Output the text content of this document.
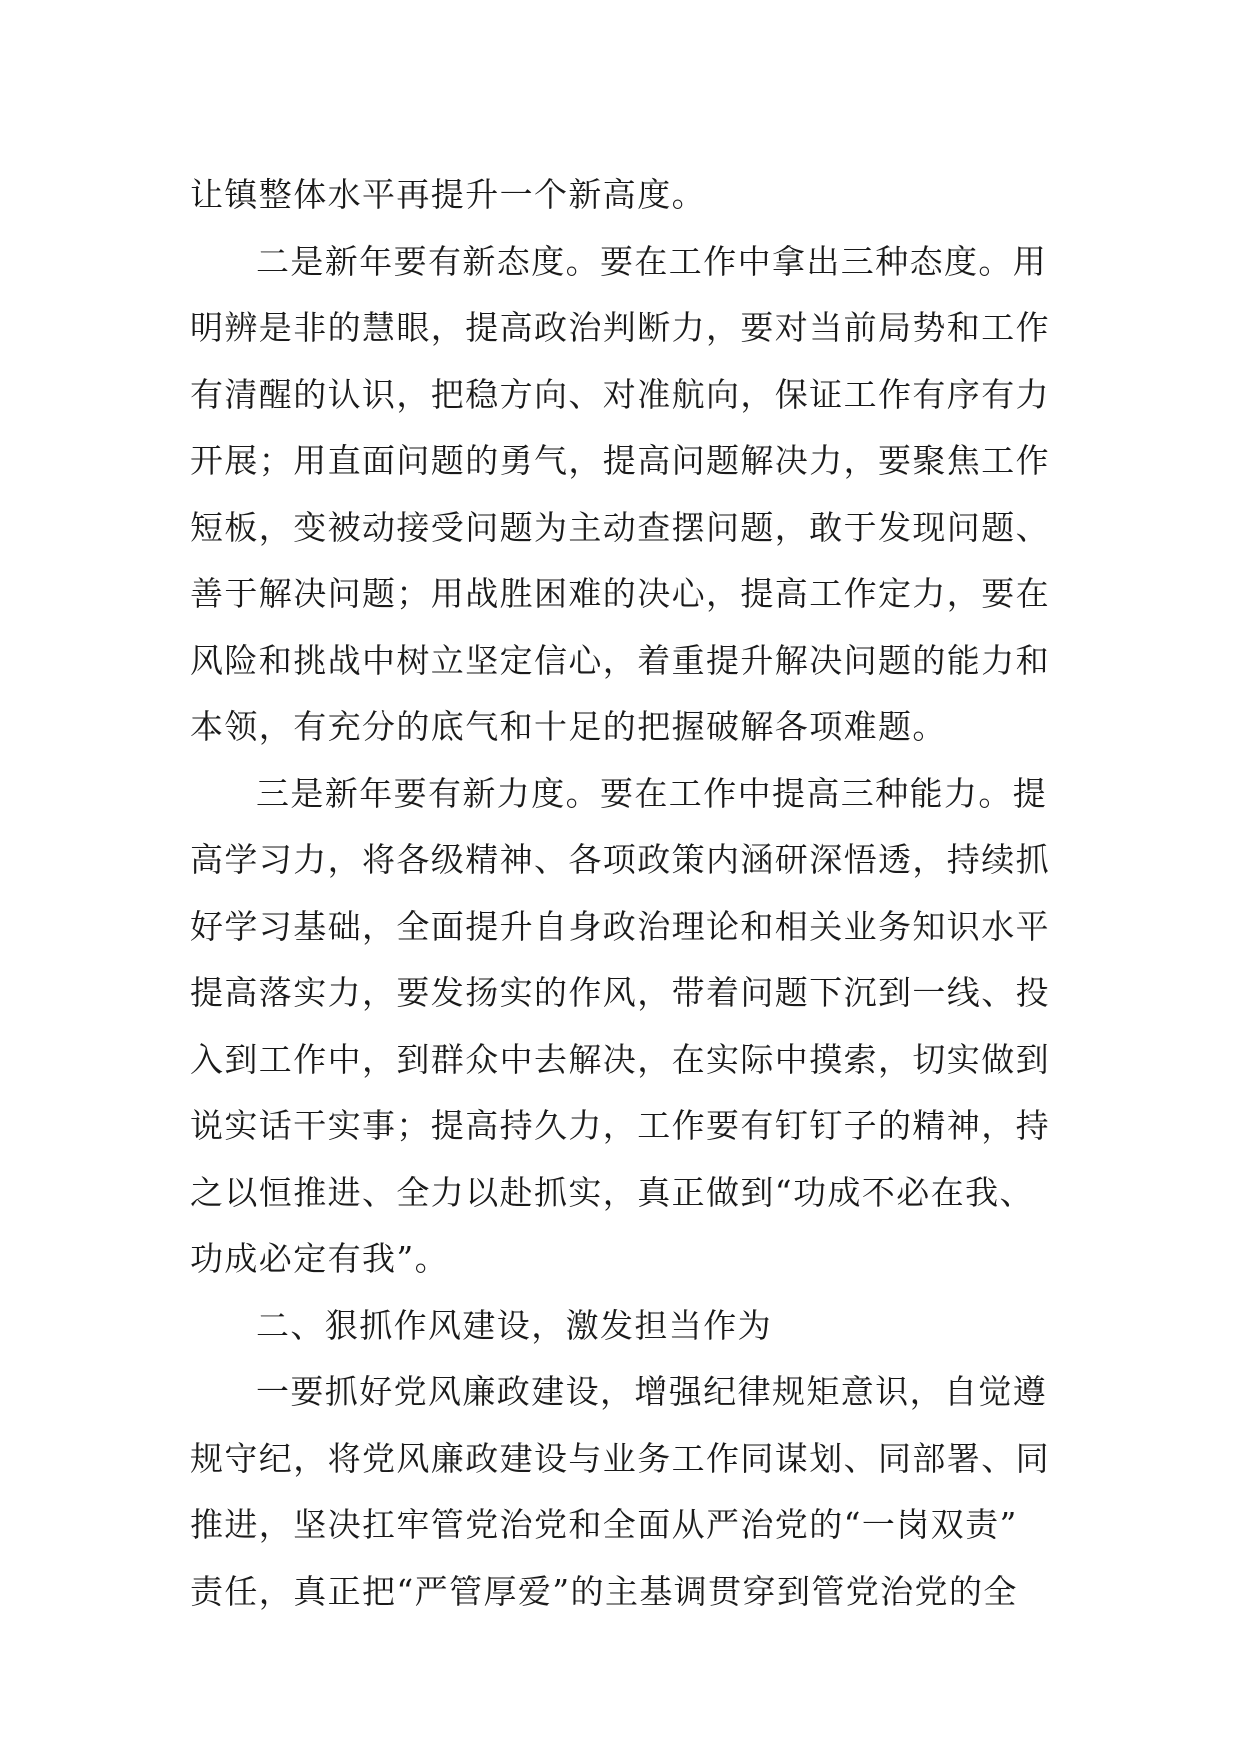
让镇整体水平再提升一个新高度。
二是新年要有新态度。要在工作中拿出三种态度。用
明辨是非的慧眼，提高政治判断力，要对当前局势和工作
有清醒的认识，把稳方向、对准航向，保证工作有序有力
开展；用直面问题的勇气，提高问题解决力，要聚焦工作
短板，变被动接受问题为主动查摆问题，敢于发现问题、
善于解决问题；用战胜困难的决心，提高工作定力，要在
风险和挑战中树立坚定信心，着重提升解决问题的能力和
本领，有充分的底气和十足的把握破解各项难题。
三是新年要有新力度。要在工作中提高三种能力。提
高学习力，将各级精神、各项政策内涵研深悟透，持续抓
好学习基础，全面提升自身政治理论和相关业务知识水平
提高落实力，要发扬实的作风，带着问题下沉到一线、投
入到工作中，到群众中去解决，在实际中摸索，切实做到
说实话干实事；提高持久力，工作要有钉钉子的精神，持
之以恒推进、全力以赴抓实，真正做到“功成不必在我、
功成必定有我”。
二、狠抓作风建设，激发担当作为
一要抓好党风廉政建设，增强纪律规矩意识，自觉遵
规守纪，将党风廉政建设与业务工作同谋划、同部署、同
推进，坚决扛牢管党治党和全面从严治党的“一岗双责”
责任，真正把“严管厚爱”的主基调贯穿到管党治党的全
